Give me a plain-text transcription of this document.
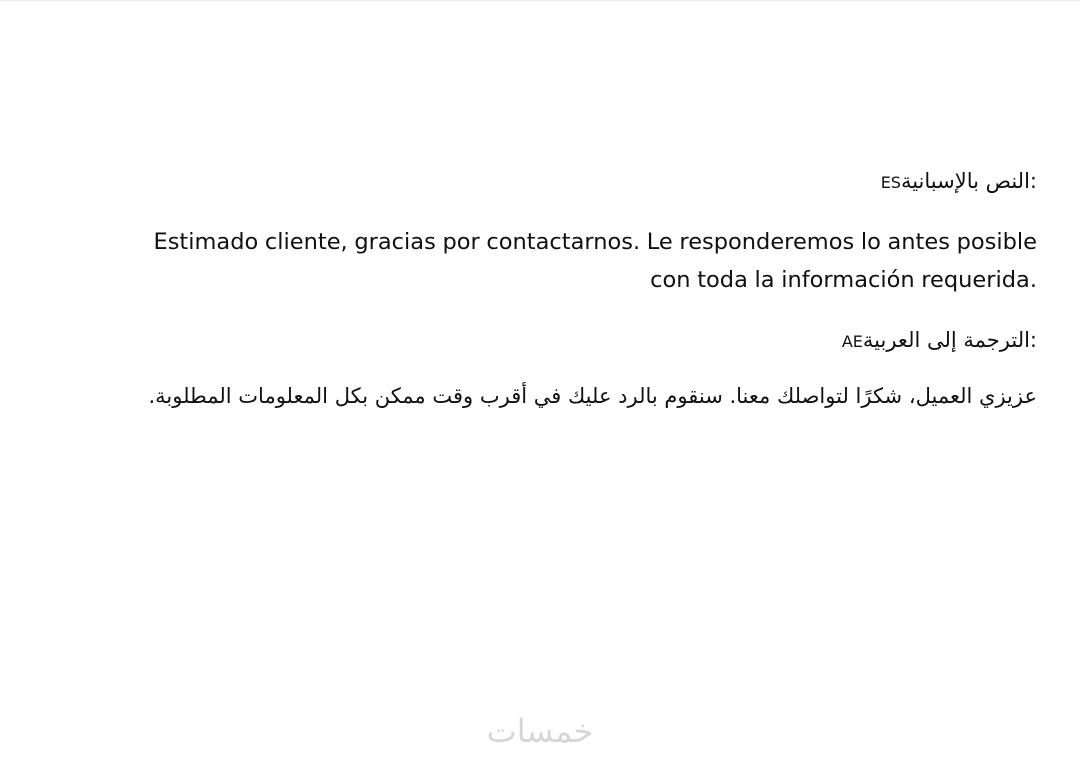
ESالنص بالإسبانية:
Estimado cliente, gracias por contactarnos. Le responderemos lo antes posible
.con toda la información requerida
AEالترجمة إلى العربية:
عزيزي العميل، شكرًا لتواصلك معنا. سنقوم بالرد عليك في أقرب وقت ممكن بكل المعلومات المطلوبة.
خمسات
